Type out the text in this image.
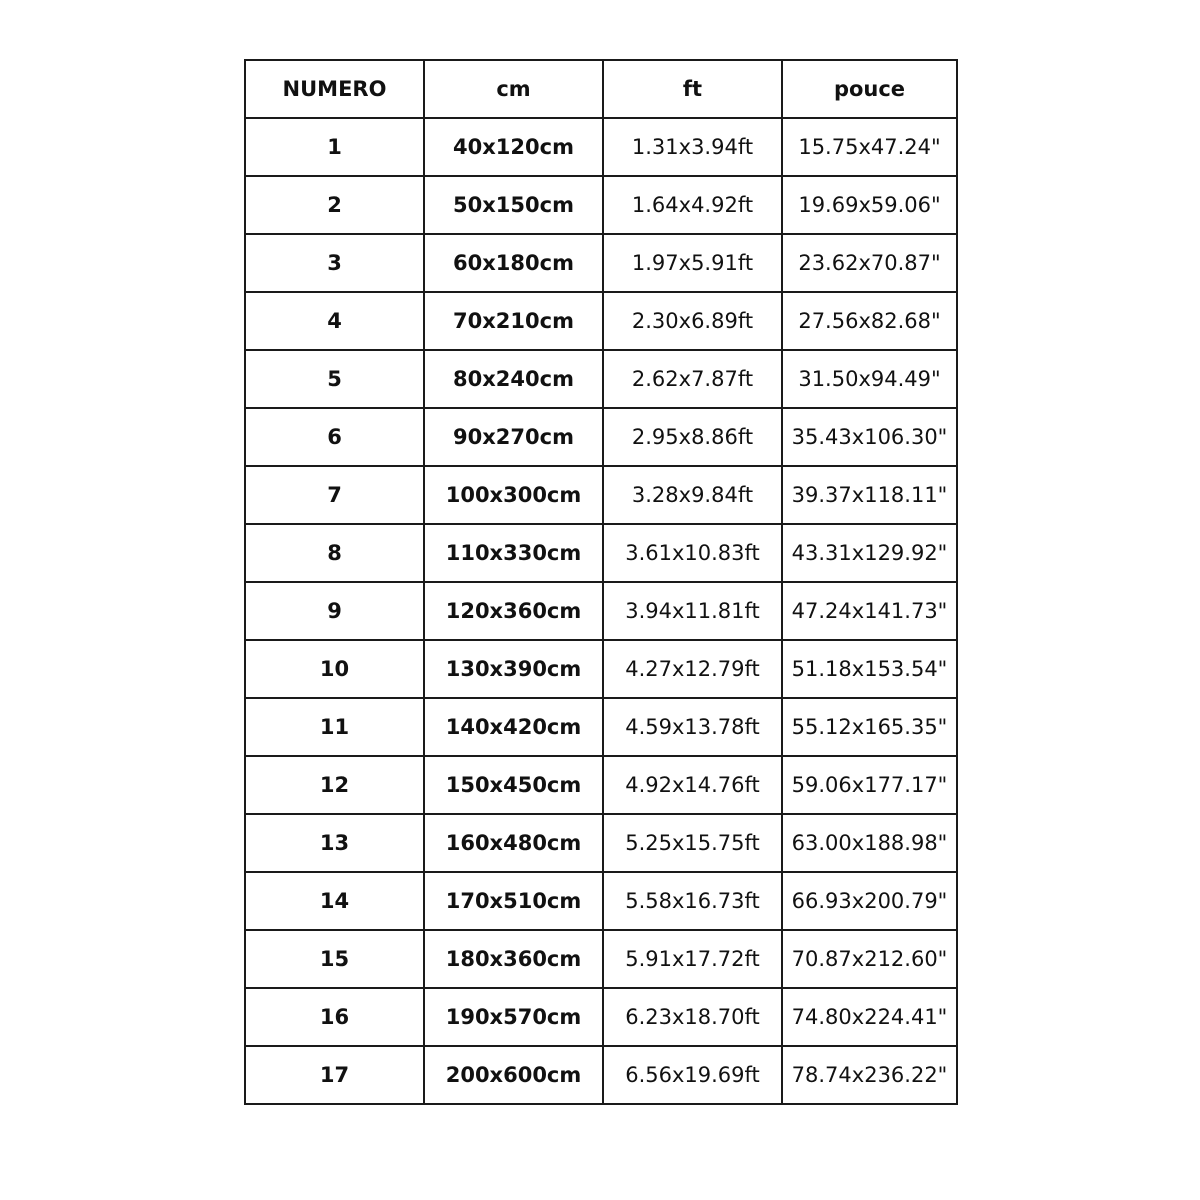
NUMERO	cm	ft	pouce
1	40x120cm	1.31x3.94ft	15.75x47.24"
2	50x150cm	1.64x4.92ft	19.69x59.06"
3	60x180cm	1.97x5.91ft	23.62x70.87"
4	70x210cm	2.30x6.89ft	27.56x82.68"
5	80x240cm	2.62x7.87ft	31.50x94.49"
6	90x270cm	2.95x8.86ft	35.43x106.30"
7	100x300cm	3.28x9.84ft	39.37x118.11"
8	110x330cm	3.61x10.83ft	43.31x129.92"
9	120x360cm	3.94x11.81ft	47.24x141.73"
10	130x390cm	4.27x12.79ft	51.18x153.54"
11	140x420cm	4.59x13.78ft	55.12x165.35"
12	150x450cm	4.92x14.76ft	59.06x177.17"
13	160x480cm	5.25x15.75ft	63.00x188.98"
14	170x510cm	5.58x16.73ft	66.93x200.79"
15	180x360cm	5.91x17.72ft	70.87x212.60"
16	190x570cm	6.23x18.70ft	74.80x224.41"
17	200x600cm	6.56x19.69ft	78.74x236.22"
